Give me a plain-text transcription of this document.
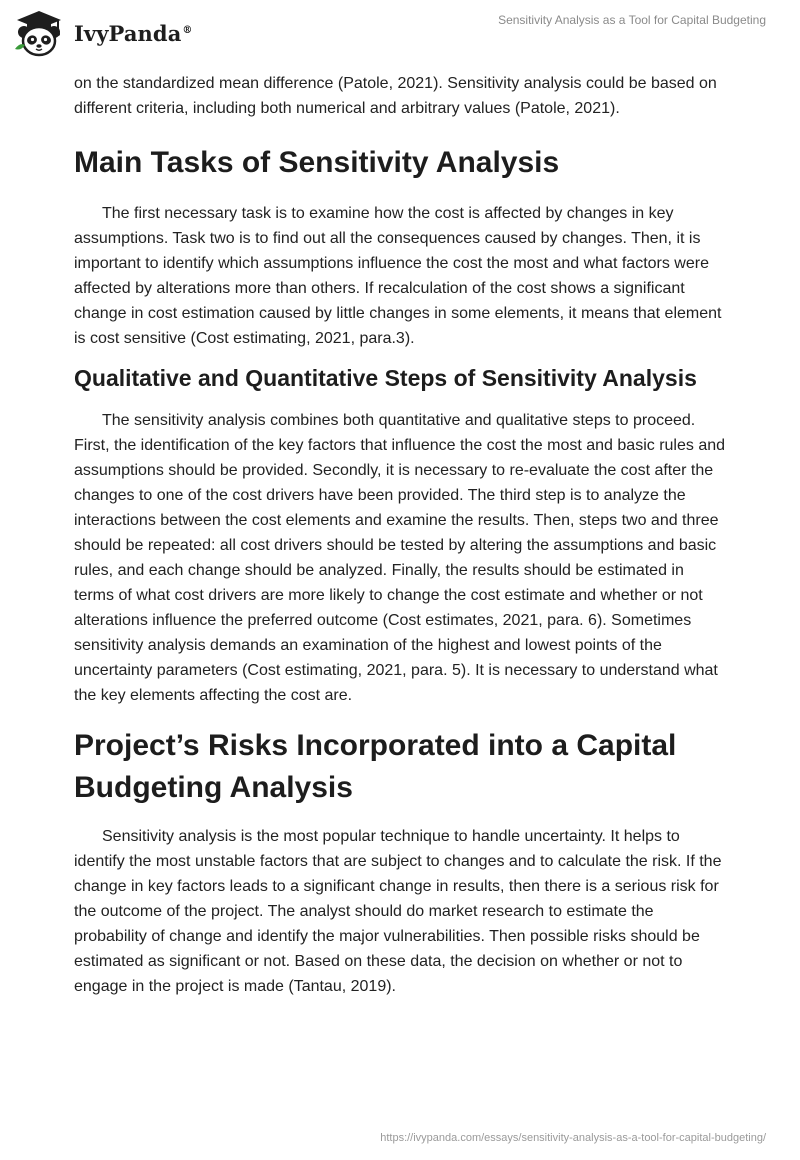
IvyPanda®
Sensitivity Analysis as a Tool for Capital Budgeting

on the standardized mean difference (Patole, 2021). Sensitivity analysis could be based on different criteria, including both numerical and arbitrary values (Patole, 2021).

Main Tasks of Sensitivity Analysis

The first necessary task is to examine how the cost is affected by changes in key assumptions. Task two is to find out all the consequences caused by changes. Then, it is important to identify which assumptions influence the cost the most and what factors were affected by alterations more than others. If recalculation of the cost shows a significant change in cost estimation caused by little changes in some elements, it means that element is cost sensitive (Cost estimating, 2021, para.3).

Qualitative and Quantitative Steps of Sensitivity Analysis

The sensitivity analysis combines both quantitative and qualitative steps to proceed. First, the identification of the key factors that influence the cost the most and basic rules and assumptions should be provided. Secondly, it is necessary to re-evaluate the cost after the changes to one of the cost drivers have been provided. The third step is to analyze the interactions between the cost elements and examine the results. Then, steps two and three should be repeated: all cost drivers should be tested by altering the assumptions and basic rules, and each change should be analyzed. Finally, the results should be estimated in terms of what cost drivers are more likely to change the cost estimate and whether or not alterations influence the preferred outcome (Cost estimates, 2021, para. 6). Sometimes sensitivity analysis demands an examination of the highest and lowest points of the uncertainty parameters (Cost estimating, 2021, para. 5). It is necessary to understand what the key elements affecting the cost are.

Project’s Risks Incorporated into a Capital Budgeting Analysis

Sensitivity analysis is the most popular technique to handle uncertainty. It helps to identify the most unstable factors that are subject to changes and to calculate the risk. If the change in key factors leads to a significant change in results, then there is a serious risk for the outcome of the project. The analyst should do market research to estimate the probability of change and identify the major vulnerabilities. Then possible risks should be estimated as significant or not. Based on these data, the decision on whether or not to engage in the project is made (Tantau, 2019).

https://ivypanda.com/essays/sensitivity-analysis-as-a-tool-for-capital-budgeting/
